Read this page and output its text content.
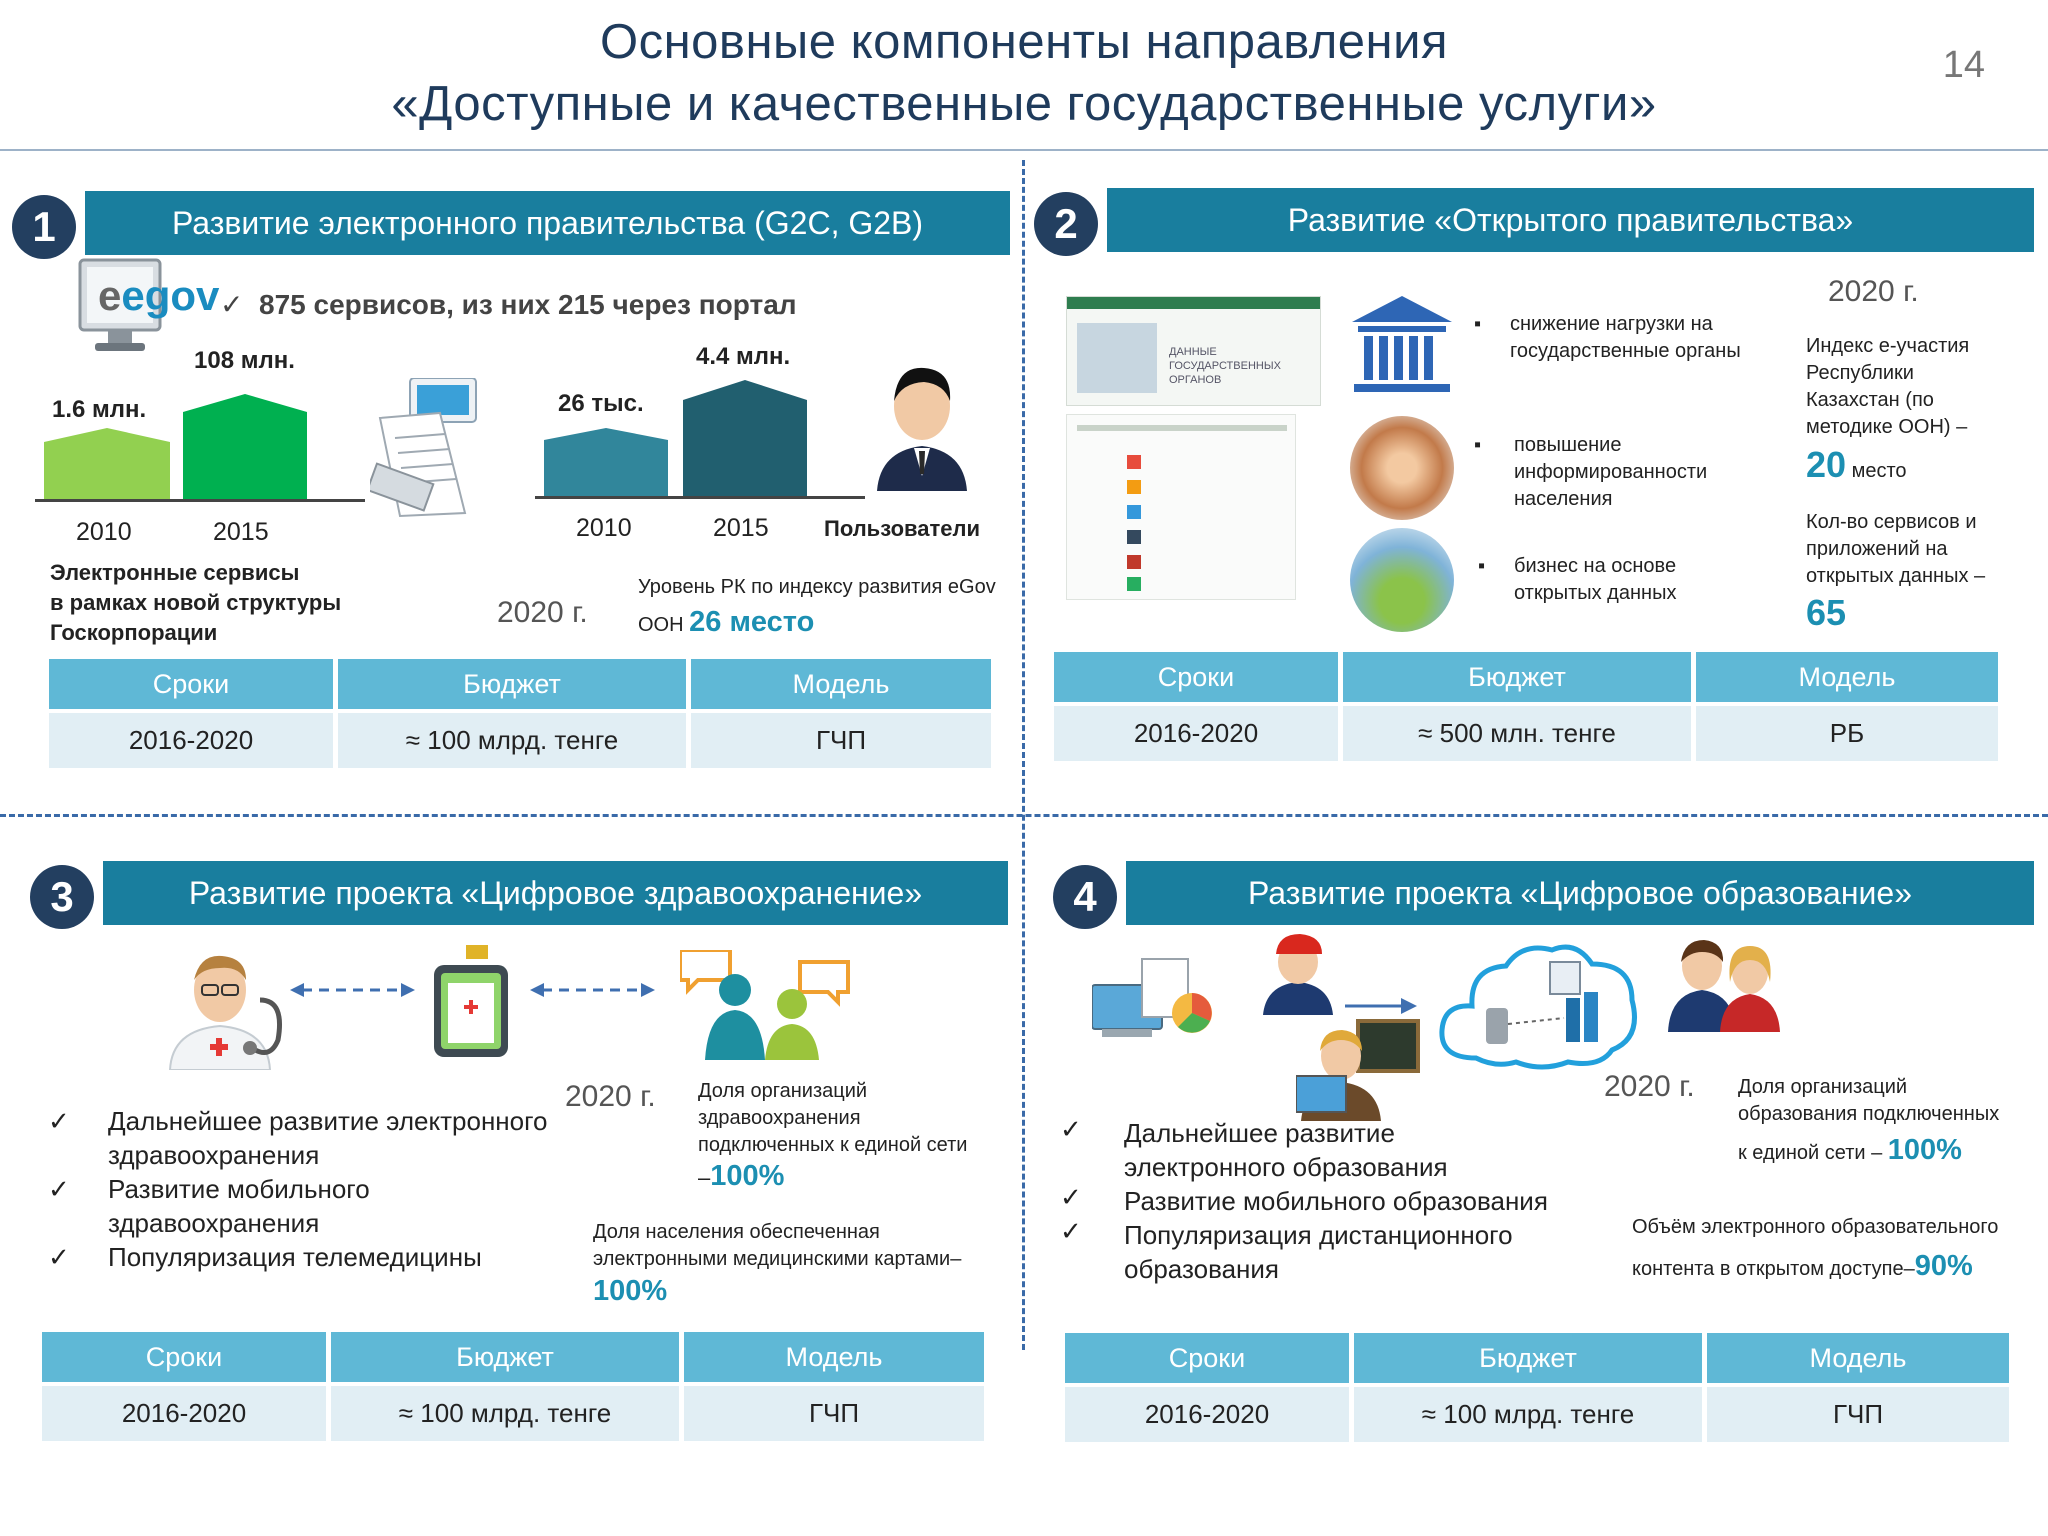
Основные компоненты направления
«Доступные и качественные государственные услуги»
14
1	Развитие электронного правительства (G2C, G2B)
eegov ✓ 875 сервисов, из них 215 через портал
1.6 млн.
108 млн.
2010	2015
26 тыс.
4.4 млн.
2010	2015	Пользователи
Электронные сервисы
в рамках новой структуры
Госкорпорации
2020 г.
Уровень РК по индексу развития eGov
ООН 26 место
Сроки	Бюджет	Модель
2016-2020	≈ 100 млрд. тенге	ГЧП
2	Развитие «Открытого правительства»
ДАННЫЕ ГОСУДАРСТВЕННЫХ ОРГАНОВ
▪ снижение нагрузки на
государственные органы
▪ повышение
информированности
населения
▪ бизнес на основе
открытых данных
2020 г.
Индекс е-участия
Республики
Казахстан (по
методике ООН) –
20 место
Кол-во сервисов и
приложений на
открытых данных –
65
Сроки	Бюджет	Модель
2016-2020	≈ 500 млн. тенге	РБ
3	Развитие проекта «Цифровое здравоохранение»
2020 г.
✓ Дальнейшее развитие электронного
здравоохранения
✓ Развитие мобильного
здравоохранения
✓ Популяризация телемедицины
Доля организаций
здравоохранения
подключенных к единой сети
–100%
Доля населения обеспеченная
электронными медицинскими картами–
100%
Сроки	Бюджет	Модель
2016-2020	≈ 100 млрд. тенге	ГЧП
4	Развитие проекта «Цифровое образование»
2020 г.
✓ Дальнейшее развитие
электронного образования
✓ Развитие мобильного образования
✓ Популяризация дистанционного
образования
Доля организаций
образования подключенных
к единой сети – 100%
Объём электронного образовательного
контента в открытом доступе–90%
Сроки	Бюджет	Модель
2016-2020	≈ 100 млрд. тенге	ГЧП
